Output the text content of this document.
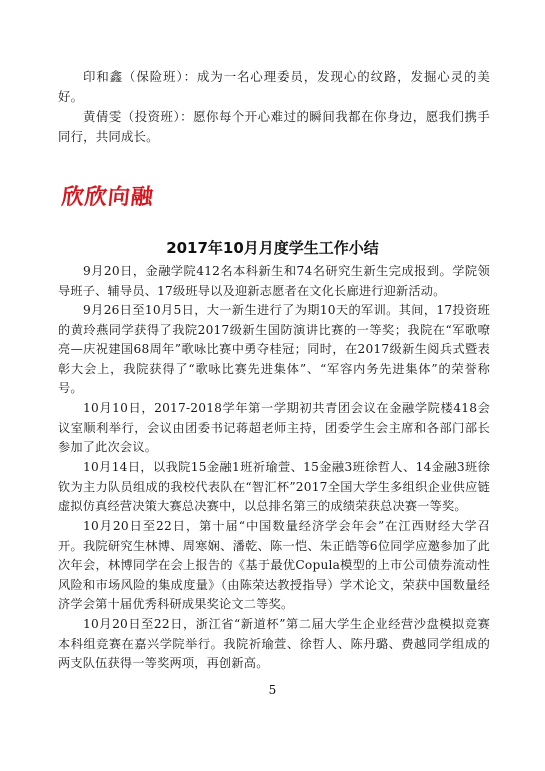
印和鑫（保险班）：成为一名心理委员，发现心的纹路，发掘心灵的美好。

黄倩雯（投资班）：愿你每个开心难过的瞬间我都在你身边，愿我们携手同行，共同成长。

欣欣向融
2017年10月月度学生工作小结

9月20日，金融学院412名本科新生和74名研究生新生完成报到。学院领导班子、辅导员、17级班导以及迎新志愿者在文化长廊进行迎新活动。

9月26日至10月5日，大一新生进行了为期10天的军训。其间，17投资班的黄玲燕同学获得了我院2017级新生国防演讲比赛的一等奖；我院在“军歌嘹亮—庆祝建国68周年”歌咏比赛中勇夺桂冠；同时，在2017级新生阅兵式暨表彰大会上，我院获得了“歌咏比赛先进集体”、“军容内务先进集体”的荣誉称号。

10月10日，2017-2018学年第一学期初共青团会议在金融学院楼418会议室顺利举行，会议由团委书记蒋超老师主持，团委学生会主席和各部门部长参加了此次会议。

10月14日，以我院15金融1班祈瑜萱、15金融3班徐哲人、14金融3班徐钦为主力队员组成的我校代表队在“智汇杯”2017全国大学生多组织企业供应链虚拟仿真经营决策大赛总决赛中，以总排名第三的成绩荣获总决赛一等奖。

10月20日至22日，第十届“中国数量经济学会年会”在江西财经大学召开。我院研究生林博、周寒娴、潘乾、陈一恺、朱正皓等6位同学应邀参加了此次年会，林博同学在会上报告的《基于最优Copula模型的上市公司债券流动性风险和市场风险的集成度量》（由陈荣达教授指导）学术论文，荣获中国数量经济学会第十届优秀科研成果奖论文二等奖。

10月20日至22日，浙江省“新道杯”第二届大学生企业经营沙盘模拟竞赛本科组竞赛在嘉兴学院举行。我院祈瑜萱、徐哲人、陈丹璐、费越同学组成的两支队伍获得一等奖两项，再创新高。

5
